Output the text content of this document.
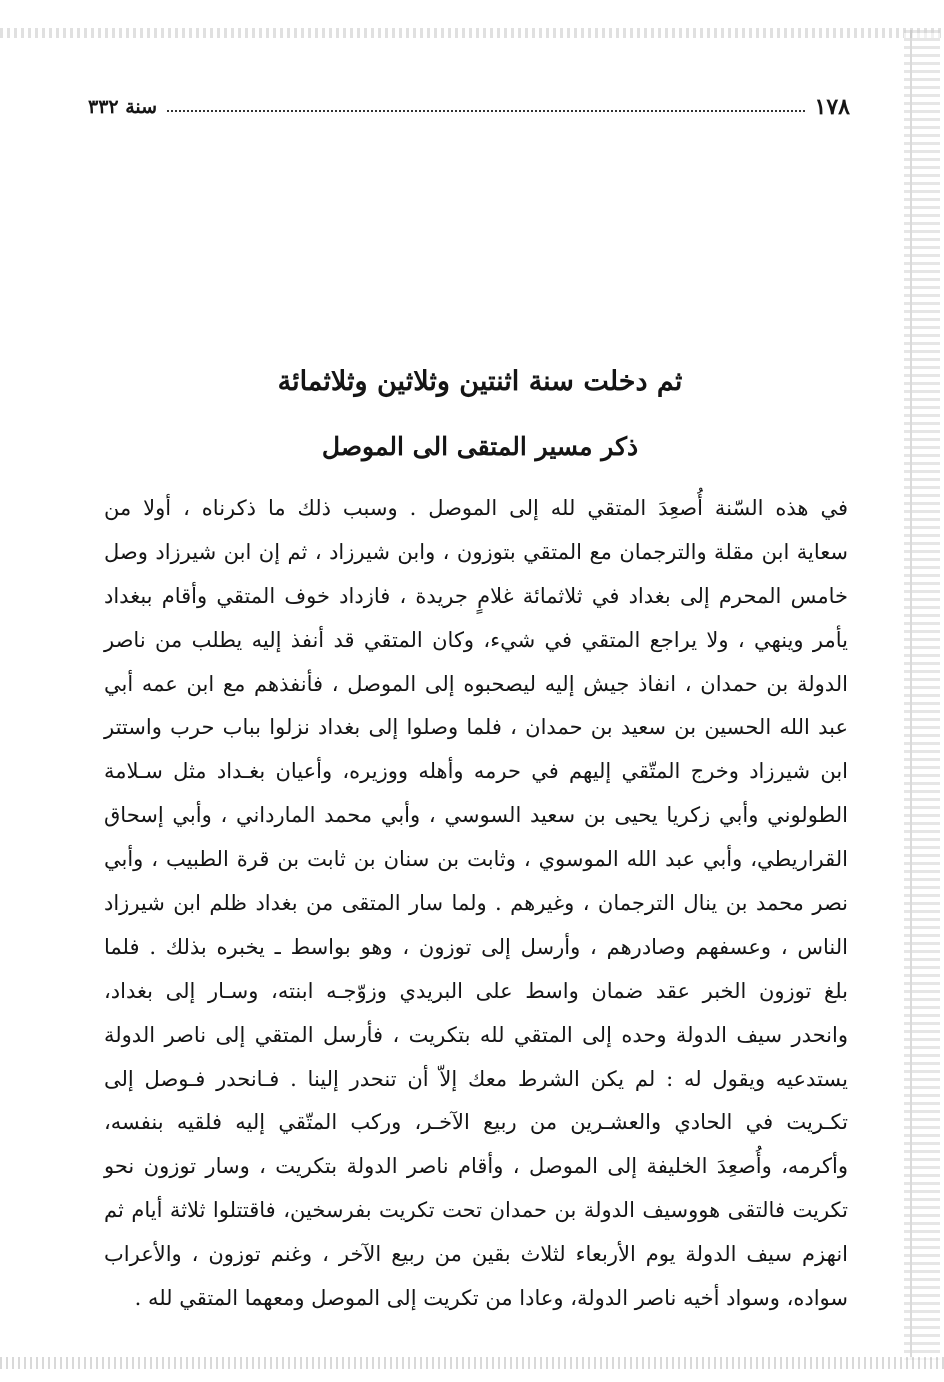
سنة ٣٣٢	١٧٨
ثم دخلت سنة اثنتين وثلاثين وثلاثمائة
ذكر مسير المتقى الى الموصل
في هذه السّنة أُصعِدَ المتقي لله إلى الموصل . وسبب ذلك ما ذكرناه ، أولا من
سعاية ابن مقلة والترجمان مع المتقي بتوزون ، وابن شيرزاد ، ثم إن ابن شيرزاد وصل
خامس المحرم إلى بغداد في ثلاثمائة غلامٍ جريدة ، فازداد خوف المتقي وأقام ببغداد
يأمر وينهي ، ولا يراجع المتقي في شيء، وكان المتقي قد أنفذ إليه يطلب من ناصر
الدولة بن حمدان ، انفاذ جيش إليه ليصحبوه إلى الموصل ، فأنفذهم مع ابن عمه أبي
عبد الله الحسين بن سعيد بن حمدان ، فلما وصلوا إلى بغداد نزلوا بباب حرب واستتر
ابن شيرزاد وخرج المتّقي إليهم في حرمه وأهله ووزيره، وأعيان بغـداد مثل سـلامة
الطولوني وأبي زكريا يحيى بن سعيد السوسي ، وأبي محمد المارداني ، وأبي إسحاق
القراريطي، وأبي عبد الله الموسوي ، وثابت بن سنان بن ثابت بن قرة الطبيب ، وأبي
نصر محمد بن ينال الترجمان ، وغيرهم . ولما سار المتقى من بغداد ظلم ابن شيرزاد
الناس ، وعسفهم وصادرهم ، وأرسل إلى توزون ، وهو بواسط ـ يخبره بذلك . فلما
بلغ توزون الخبر عقد ضمان واسط على البريدي وزوّجـه ابنته، وسـار إلى بغداد،
وانحدر سيف الدولة وحده إلى المتقي لله بتكريت ، فأرسل المتقي إلى ناصر الدولة
يستدعيه ويقول له : لم يكن الشرط معك إلاّ أن تنحدر إلينا . فـانحدر فـوصل إلى
تكـريت في الحادي والعشـرين من ربيع الآخـر، وركب المتّقي إليه فلقيه بنفسه،
وأكرمه، وأُصعِدَ الخليفة إلى الموصل ، وأقام ناصر الدولة بتكريت ، وسار توزون نحو
تكريت فالتقى هووسيف الدولة بن حمدان تحت تكريت بفرسخين، فاقتتلوا ثلاثة أيام ثم
انهزم سيف الدولة يوم الأربعاء لثلاث بقين من ربيع الآخر ، وغنم توزون ، والأعراب
سواده، وسواد أخيه ناصر الدولة، وعادا من تكريت إلى الموصل ومعهما المتقي لله .
